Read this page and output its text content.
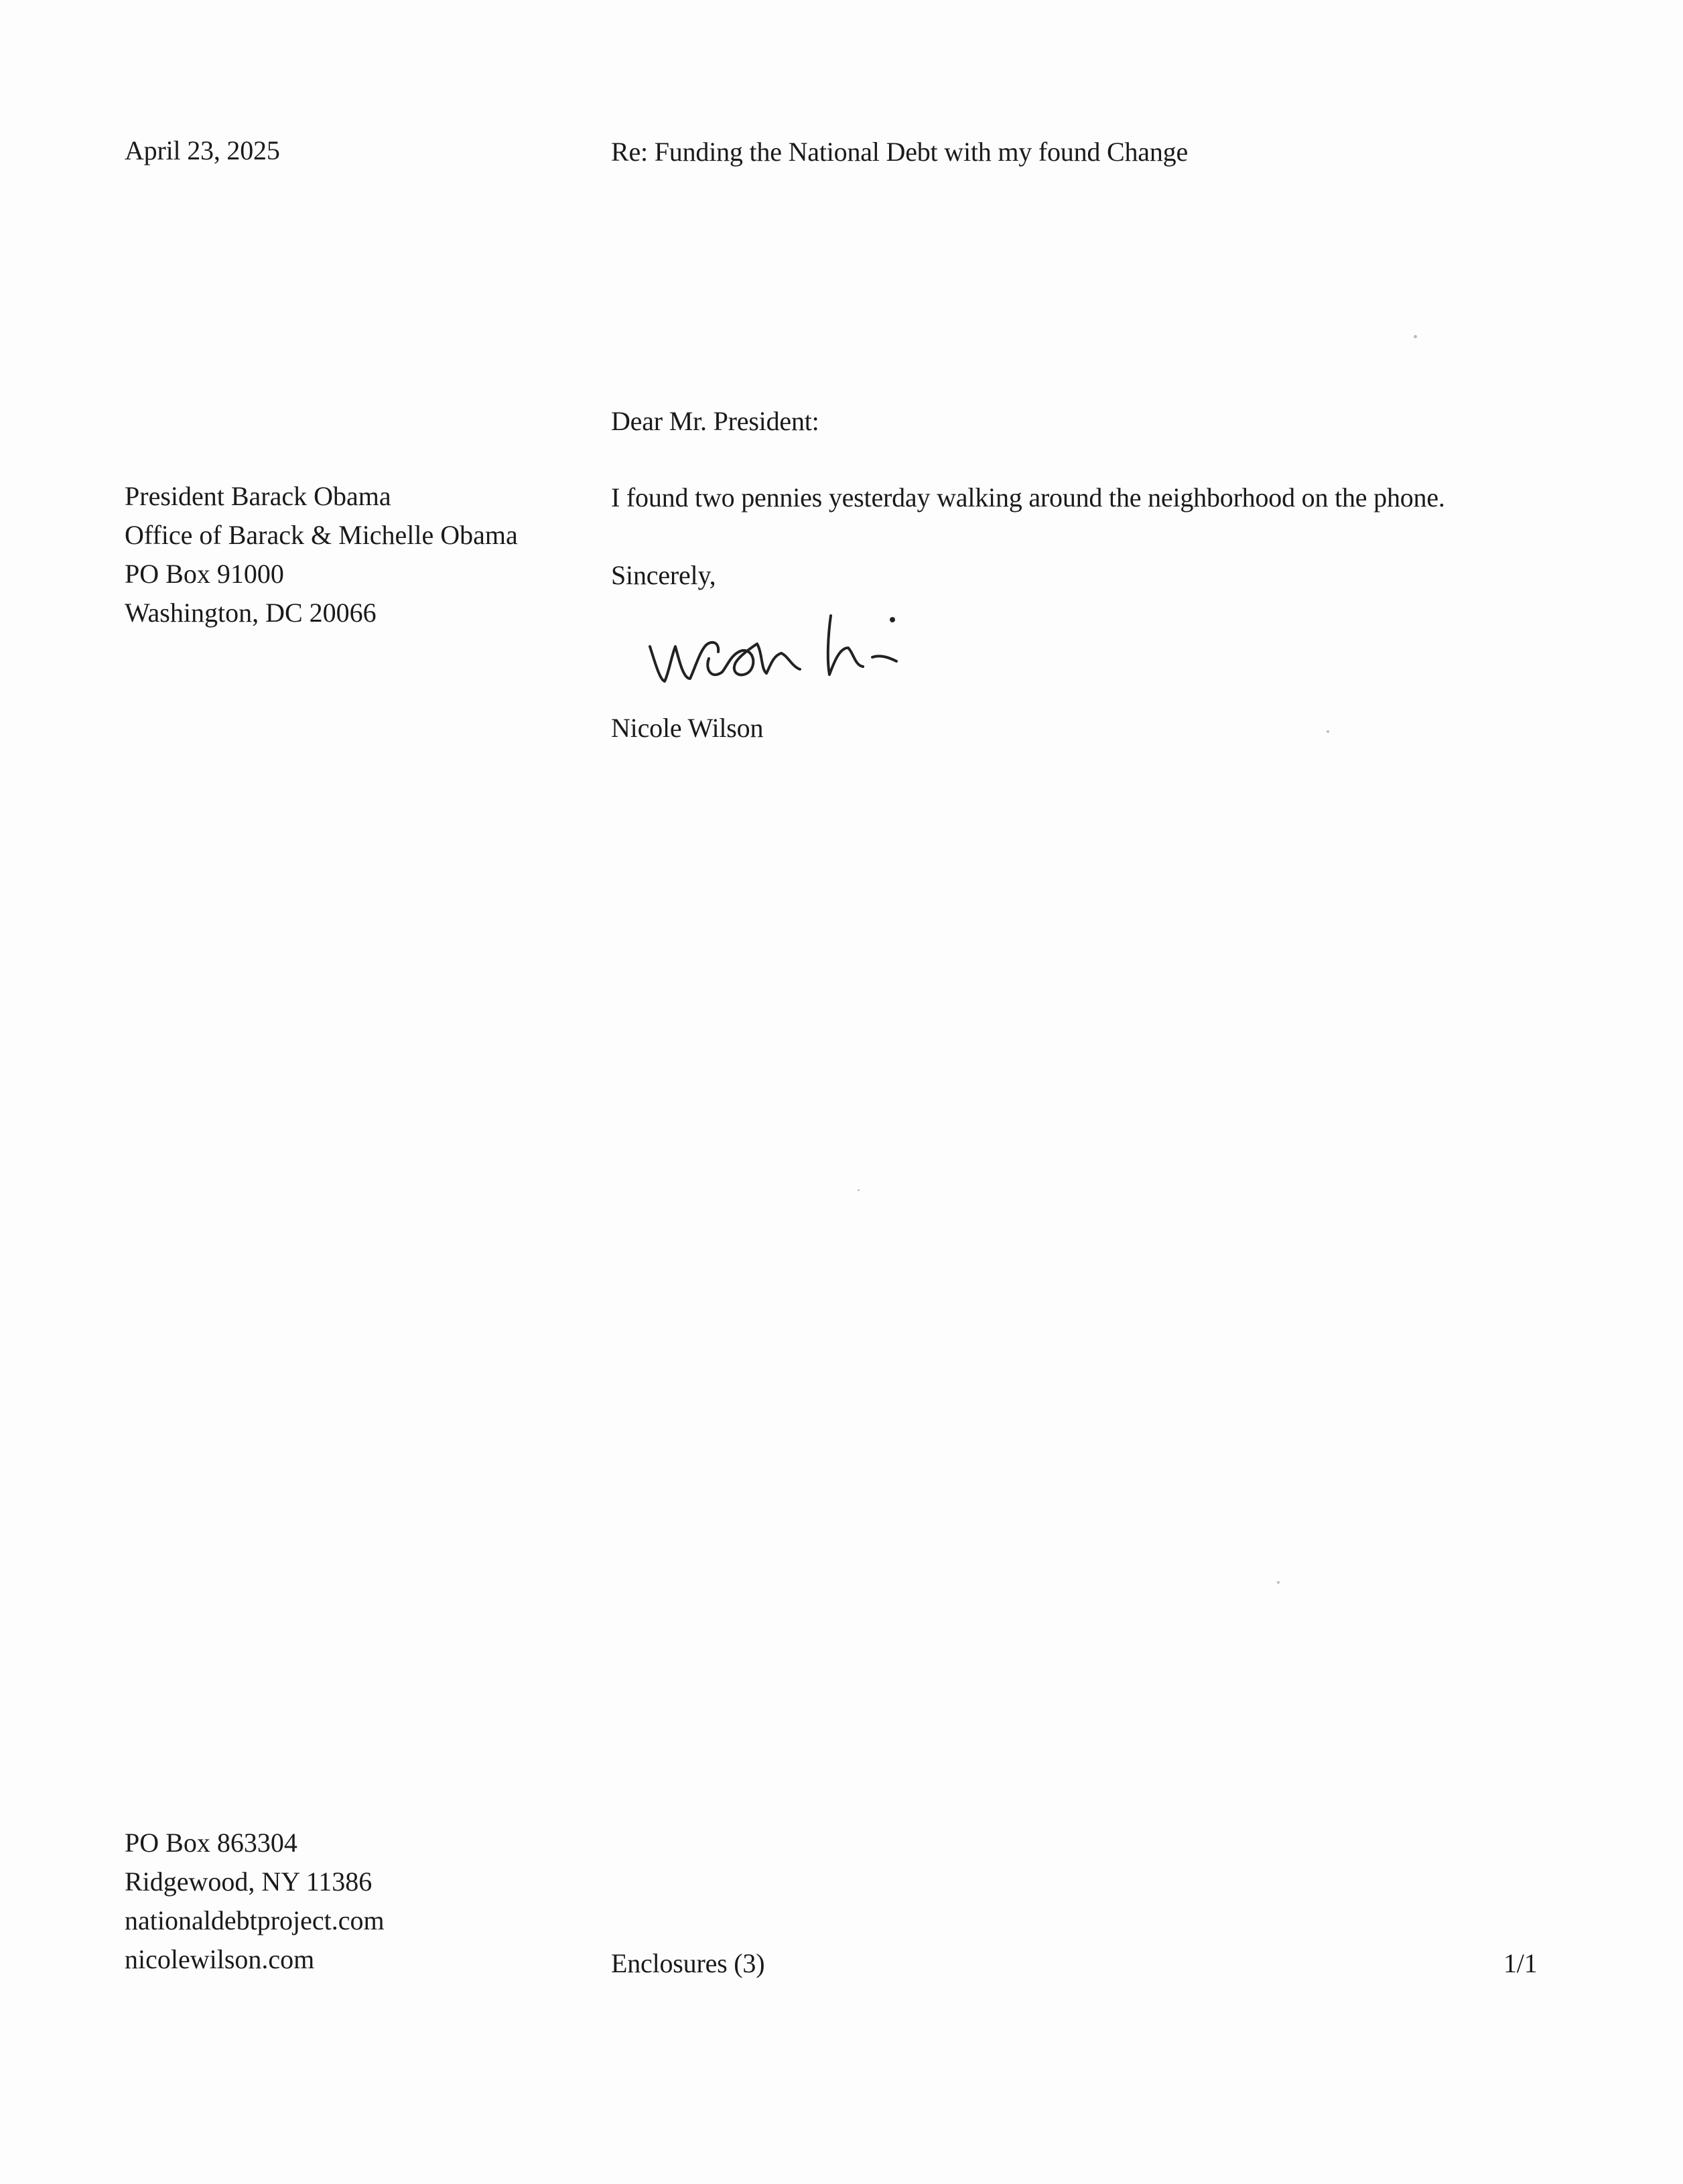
April 23, 2025	Re: Funding the National Debt with my found Change
Dear Mr. President:
President Barack Obama
Office of Barack & Michelle Obama
PO Box 91000
Washington, DC 20066
I found two pennies yesterday walking around the neighborhood on the phone.
Sincerely,
Nicole Wilson
PO Box 863304
Ridgewood, NY 11386
nationaldebtproject.com
nicolewilson.com	Enclosures (3)	1/1
